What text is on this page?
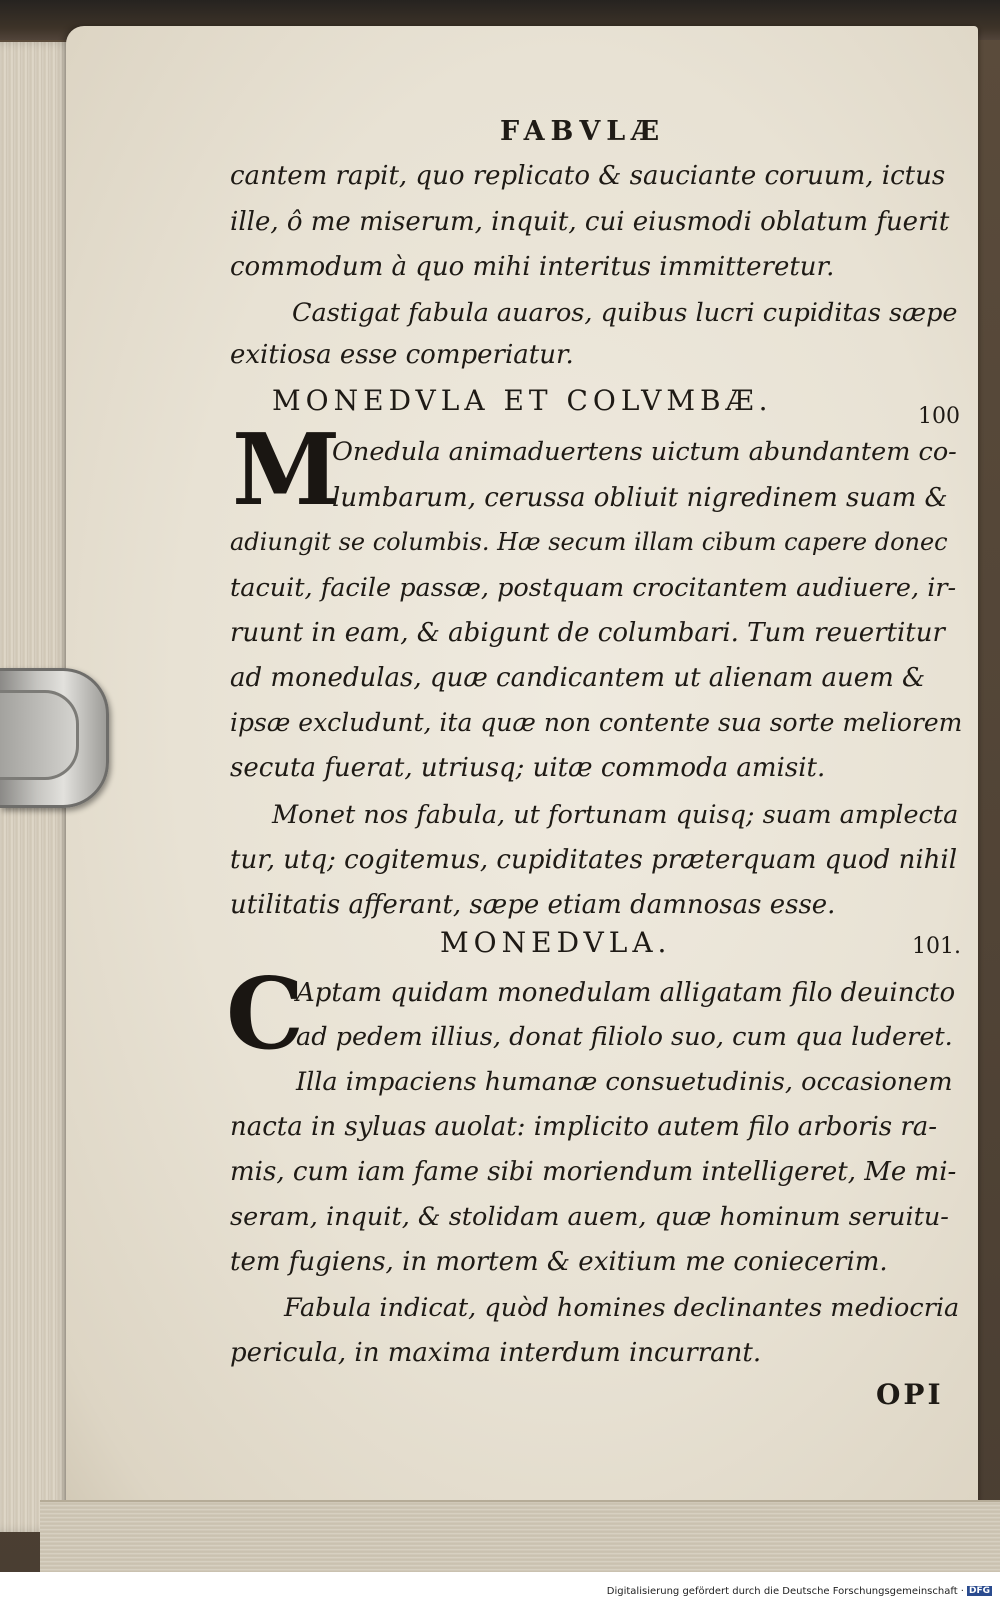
FABVLÆ
cantem rapit, quo replicato & sauciante coruum, ictus
ille, ô me miserum, inquit, cui eiusmodi oblatum fuerit
commodum à quo mihi interitus immitteretur.
Castigat fabula auaros, quibus lucri cupiditas sæpe
exitiosa esse comperiatur.
MONEDVLA ET COLVMBÆ.	100
M
Onedula animaduertens uictum abundantem co-
lumbarum, cerussa obliuit nigredinem suam &
adiungit se columbis. Hæ secum illam cibum capere donec
tacuit, facile passæ, postquam crocitantem audiuere, ir-
ruunt in eam, & abigunt de columbari. Tum reuertitur
ad monedulas, quæ candicantem ut alienam auem &
ipsæ excludunt, ita quæ non contente sua sorte meliorem
secuta fuerat, utriusq; uitæ commoda amisit.
Monet nos fabula, ut fortunam quisq; suam amplecta
tur, utq; cogitemus, cupiditates præterquam quod nihil
utilitatis afferant, sæpe etiam damnosas esse.
MONEDVLA.	101.
C
Aptam quidam monedulam alligatam filo deuincto
ad pedem illius, donat filiolo suo, cum qua luderet.
Illa impaciens humanæ consuetudinis, occasionem
nacta in syluas auolat: implicito autem filo arboris ra-
mis, cum iam fame sibi moriendum intelligeret, Me mi-
seram, inquit, & stolidam auem, quæ hominum seruitu-
tem fugiens, in mortem & exitium me coniecerim.
Fabula indicat, quòd homines declinantes mediocria
pericula, in maxima interdum incurrant.
OPI
Digitalisierung gefördert durch die Deutsche Forschungsgemeinschaft · DFG
